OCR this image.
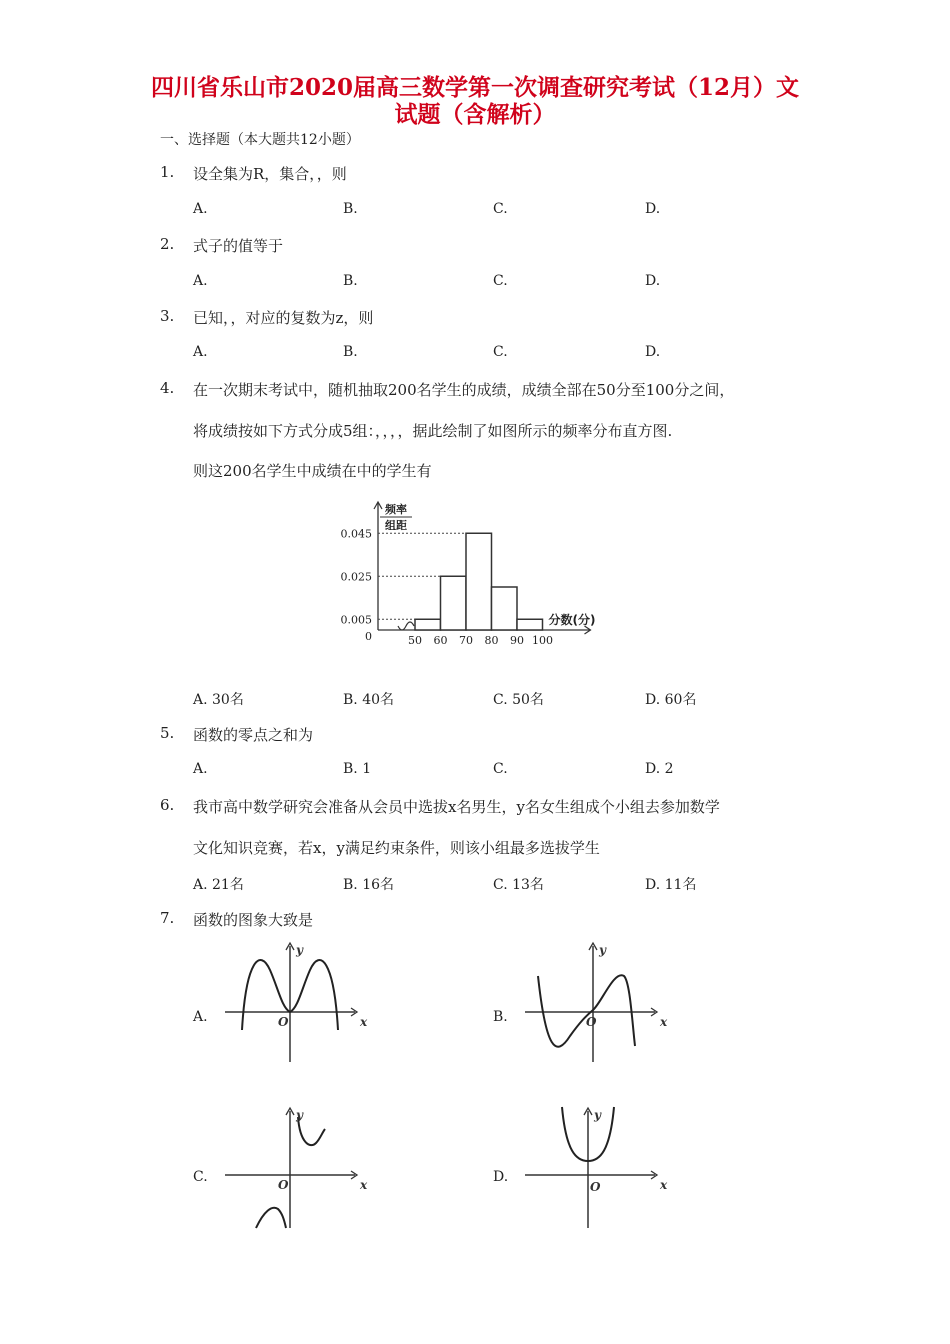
四川省乐山市2020届高三数学第一次调查研究考试（12月）文
试题（含解析）
一、选择题（本大题共12小题）
1. 设全集为R，集合，，则
A.	B.	C.	D.
2. 式子的值等于
A.	B.	C.	D.
3. 已知，，对应的复数为z，则
A.	B.	C.	D.
4. 在一次期末考试中，随机抽取200名学生的成绩，成绩全部在50分至100分之间，
将成绩按如下方式分成5组：，，，，据此绘制了如图所示的频率分布直方图.
则这200名学生中成绩在中的学生有
0.045
0.025
0.005
50 60 70 80 90 100
0
分数(分)
频率
组距
A. 30名	B. 40名	C. 50名	D. 60名
5. 函数的零点之和为
A.	B. 1	C.	D. 2
6. 我市高中数学研究会准备从会员中选拔x名男生，y名女生组成个小组去参加数学
文化知识竞赛，若x，y满足约束条件，则该小组最多选拔学生
A. 21名	B. 16名	C. 13名	D. 11名
7. 函数的图象大致是
A.	B.
C.	D.
x
y
O	x
y
O
x
y
O	x
y
O
